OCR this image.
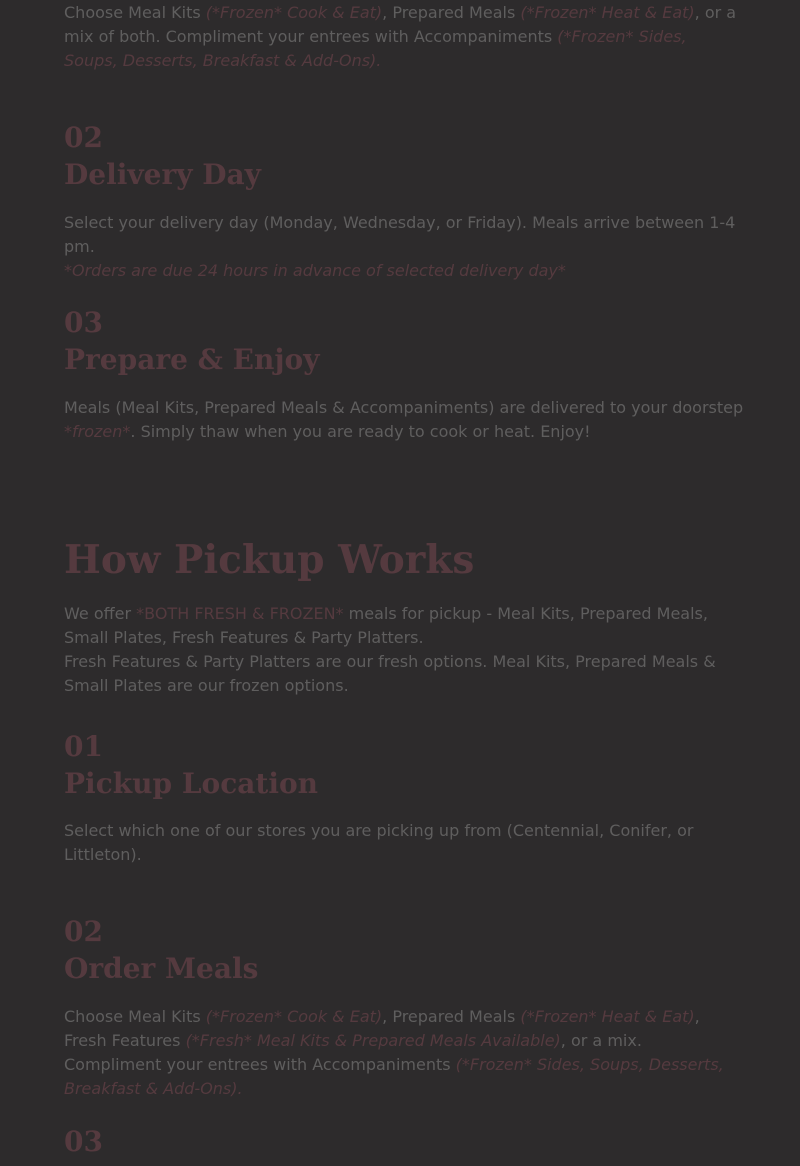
Choose Meal Kits (*Frozen* Cook & Eat), Prepared Meals (*Frozen* Heat & Eat), or a mix of both. Compliment your entrees with Accompaniments (*Frozen* Sides, Soups, Desserts, Breakfast & Add-Ons).

02
Delivery Day

Select your delivery day (Monday, Wednesday, or Friday). Meals arrive between 1-4 pm.
*Orders are due 24 hours in advance of selected delivery day*

03
Prepare & Enjoy

Meals (Meal Kits, Prepared Meals & Accompaniments) are delivered to your doorstep *frozen*. Simply thaw when you are ready to cook or heat. Enjoy!

How Pickup Works

We offer *BOTH FRESH & FROZEN* meals for pickup - Meal Kits, Prepared Meals, Small Plates, Fresh Features & Party Platters.
Fresh Features & Party Platters are our fresh options. Meal Kits, Prepared Meals & Small Plates are our frozen options.

01
Pickup Location

Select which one of our stores you are picking up from (Centennial, Conifer, or Littleton).

02
Order Meals

Choose Meal Kits (*Frozen* Cook & Eat), Prepared Meals (*Frozen* Heat & Eat), Fresh Features (*Fresh* Meal Kits & Prepared Meals Available), or a mix. Compliment your entrees with Accompaniments (*Frozen* Sides, Soups, Desserts, Breakfast & Add-Ons).

03
